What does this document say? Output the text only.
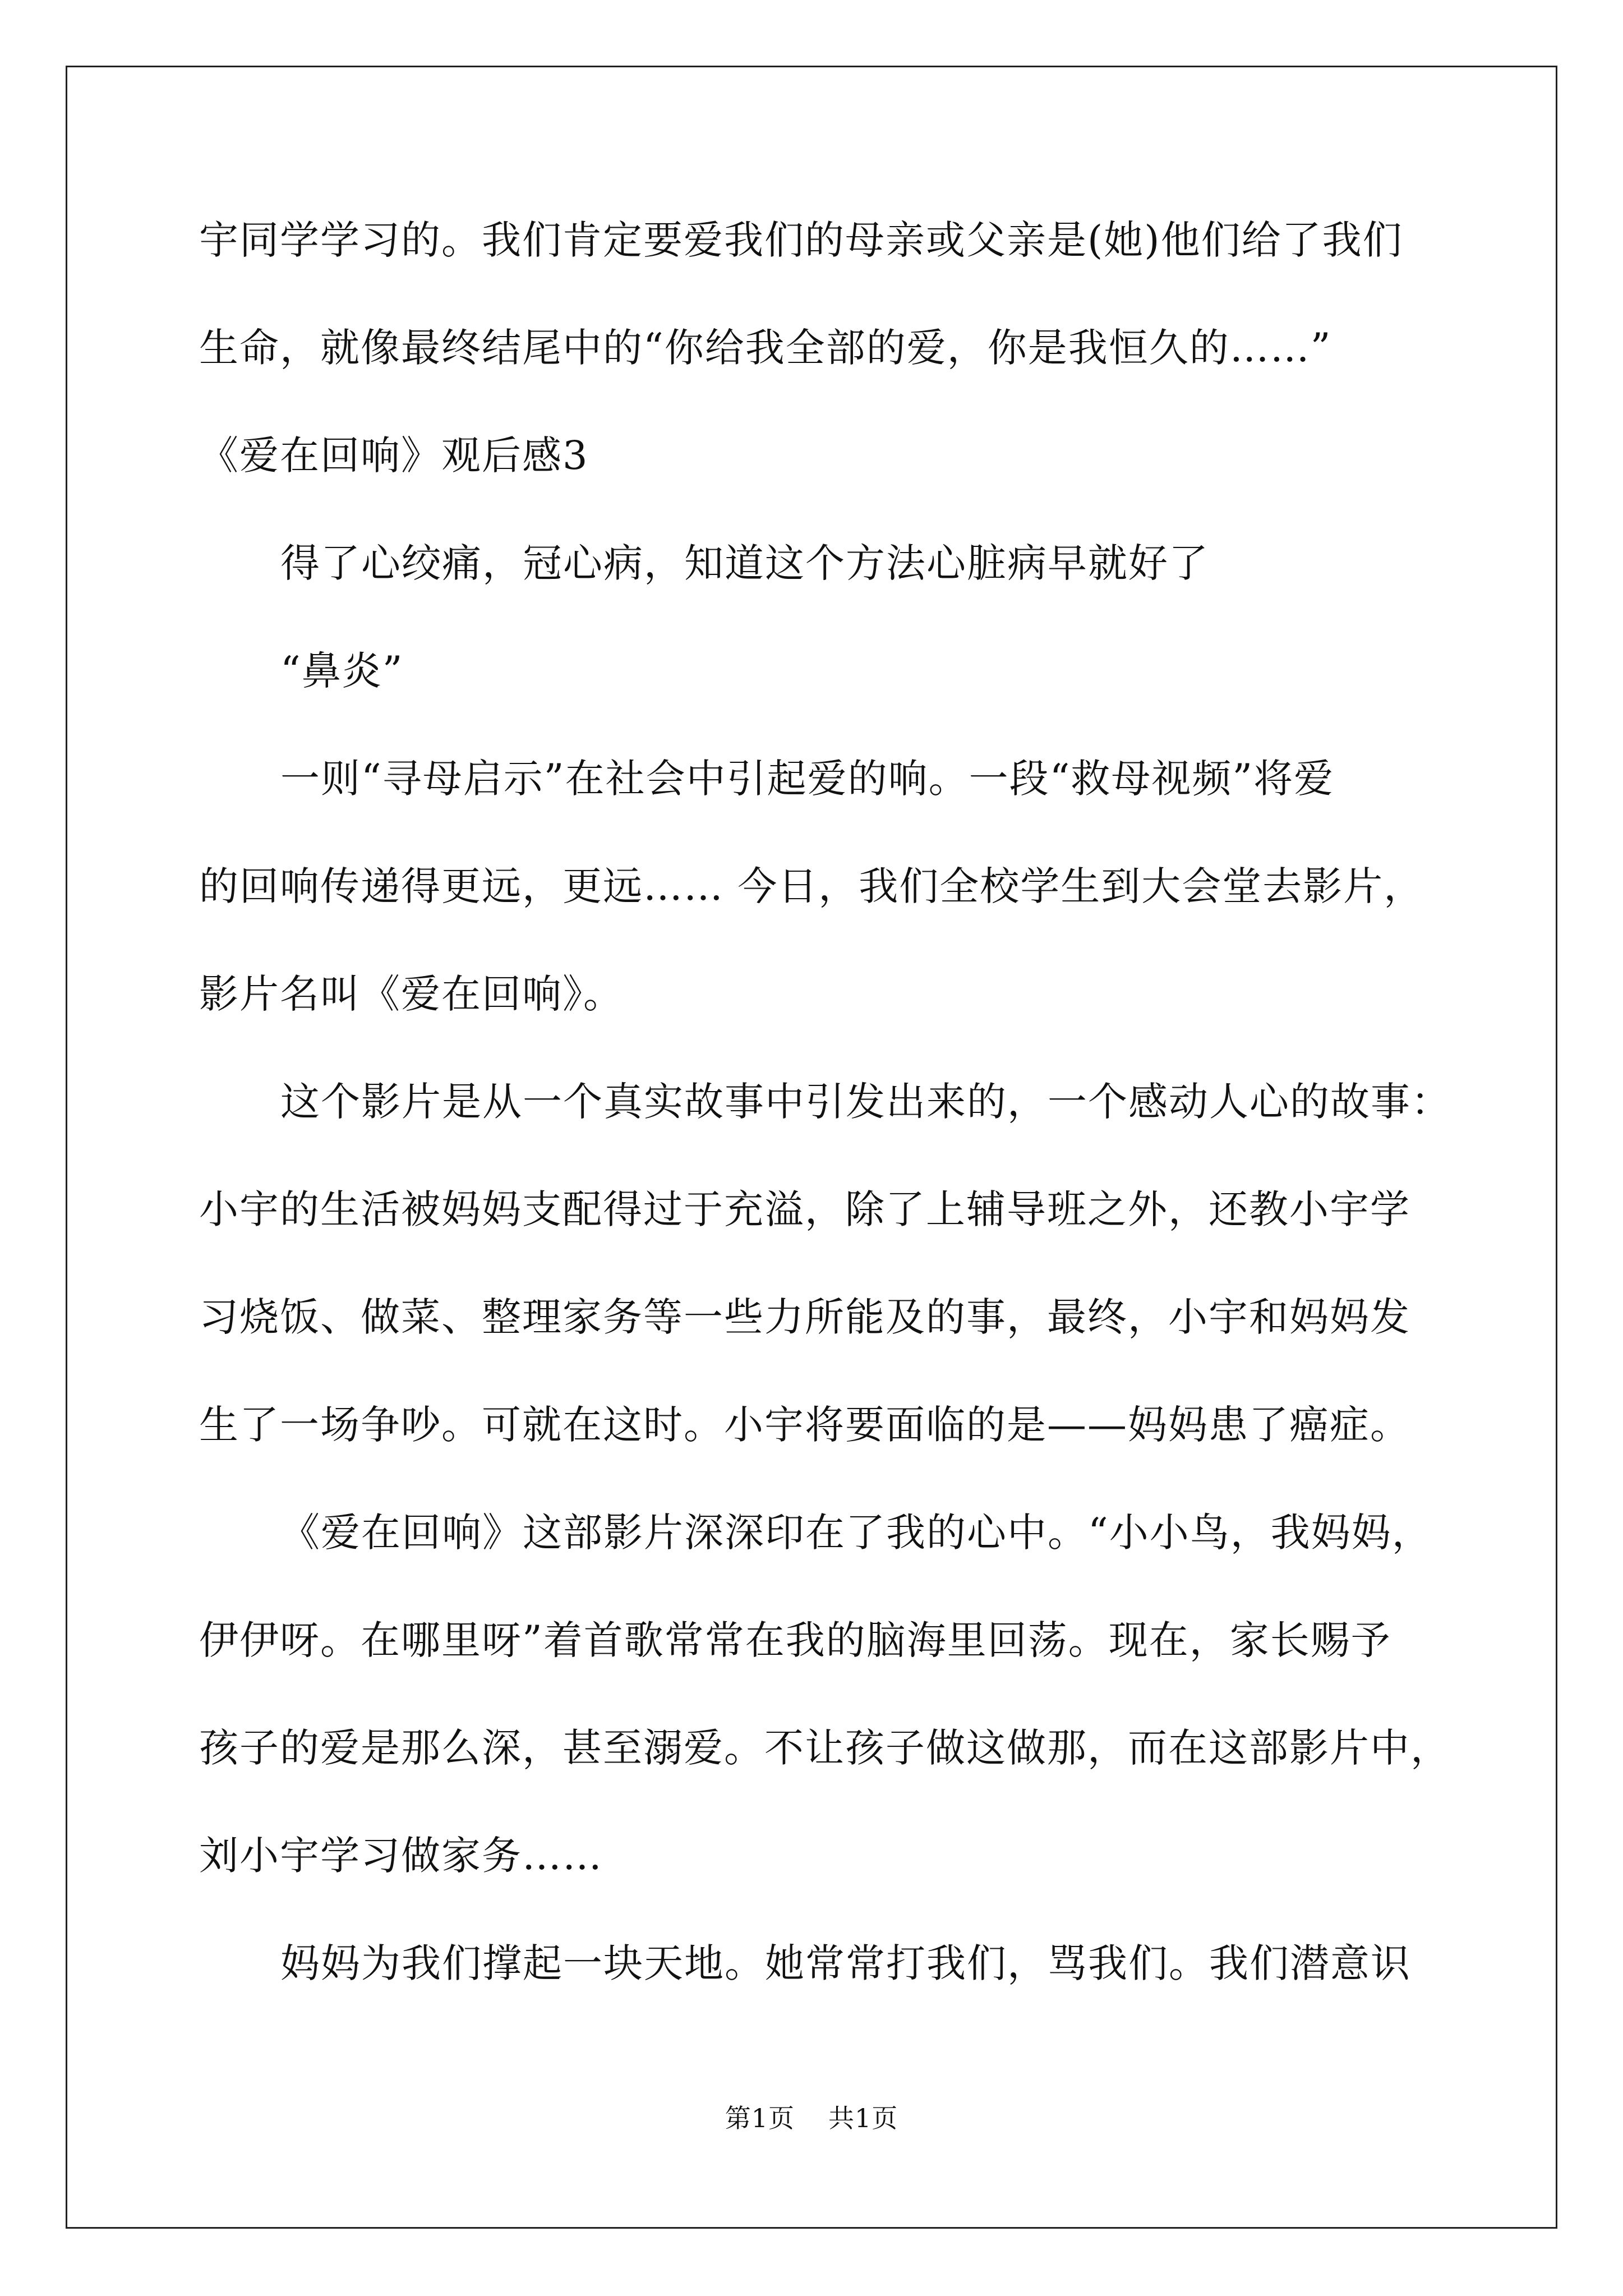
宇同学学习的。我们肯定要爱我们的母亲或父亲是(她)他们给了我们
生命，就像最终结尾中的“你给我全部的爱，你是我恒久的……”
《爱在回响》观后感3
得了心绞痛，冠心病，知道这个方法心脏病早就好了
“鼻炎”
一则“寻母启示”在社会中引起爱的响。一段“救母视频”将爱
的回响传递得更远，更远…… 今日，我们全校学生到大会堂去影片，
影片名叫《爱在回响》。
这个影片是从一个真实故事中引发出来的，一个感动人心的故事：
小宇的生活被妈妈支配得过于充溢，除了上辅导班之外，还教小宇学
习烧饭、做菜、整理家务等一些力所能及的事，最终，小宇和妈妈发
生了一场争吵。可就在这时。小宇将要面临的是——妈妈患了癌症。
《爱在回响》这部影片深深印在了我的心中。“小小鸟，我妈妈，
伊伊呀。在哪里呀”着首歌常常在我的脑海里回荡。现在，家长赐予
孩子的爱是那么深，甚至溺爱。不让孩子做这做那，而在这部影片中，
刘小宇学习做家务……
妈妈为我们撑起一块天地。她常常打我们，骂我们。我们潜意识
第1页 共1页
